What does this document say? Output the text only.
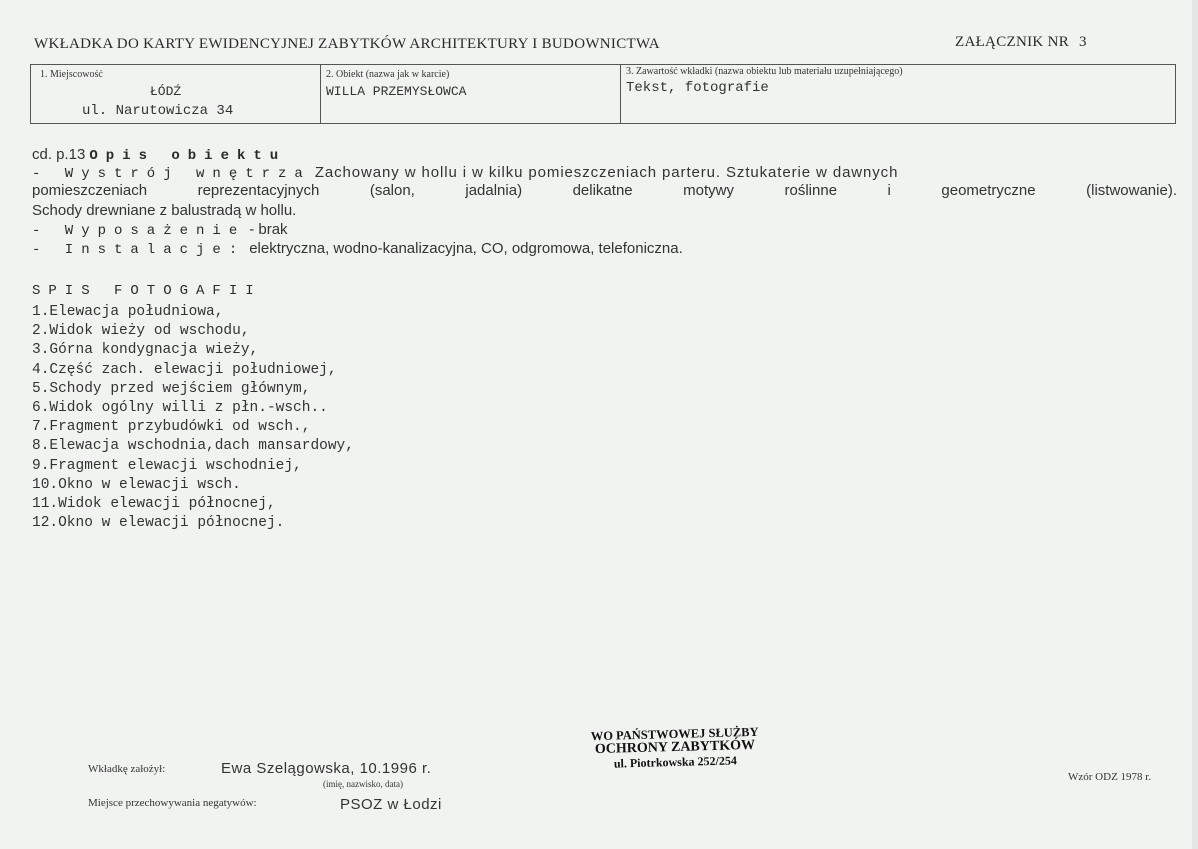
WKŁADKA DO KARTY EWIDENCYJNEJ ZABYTKÓW ARCHITEKTURY I BUDOWNICTWA	ZAŁĄCZNIK NR 3
1. Miejscowość
ŁÓDŹ
ul. Narutowicza 34
2. Obiekt (nazwa jak w karcie)
WILLA PRZEMYSŁOWCA
3. Zawartość wkładki (nazwa obiektu lub materiału uzupełniającego)
Tekst, fotografie
cd. p.13 Opis obiektu
- Wystrój wnętrza Zachowany w hollu i w kilku pomieszczeniach parteru. Sztukaterie w dawnych
pomieszczeniach reprezentacyjnych (salon, jadalnia) delikatne motywy roślinne i geometryczne (listwowanie).
Schody drewniane z balustradą w hollu.
- Wyposażenie - brak
- Instalacje: elektryczna, wodno-kanalizacyjna, CO, odgromowa, telefoniczna.
SPIS FOTOGAFII
1.Elewacja południowa,
2.Widok wieży od wschodu,
3.Górna kondygnacja wieży,
4.Część zach. elewacji południowej,
5.Schody przed wejściem głównym,
6.Widok ogólny willi z płn.-wsch..
7.Fragment przybudówki od wsch.,
8.Elewacja wschodnia,dach mansardowy,
9.Fragment elewacji wschodniej,
10.Okno w elewacji wsch.
11.Widok elewacji północnej,
12.Okno w elewacji północnej.
WO PAŃSTWOWEJ SŁUŻBY
OCHRONY ZABYTKÓW
ul. Piotrkowska 252/254
Wkładkę założył:	Ewa Szelągowska, 10.1996 r.
(imię, nazwisko, data)
Miejsce przechowywania negatywów:	PSOZ w Łodzi
Wzór ODZ 1978 r.
